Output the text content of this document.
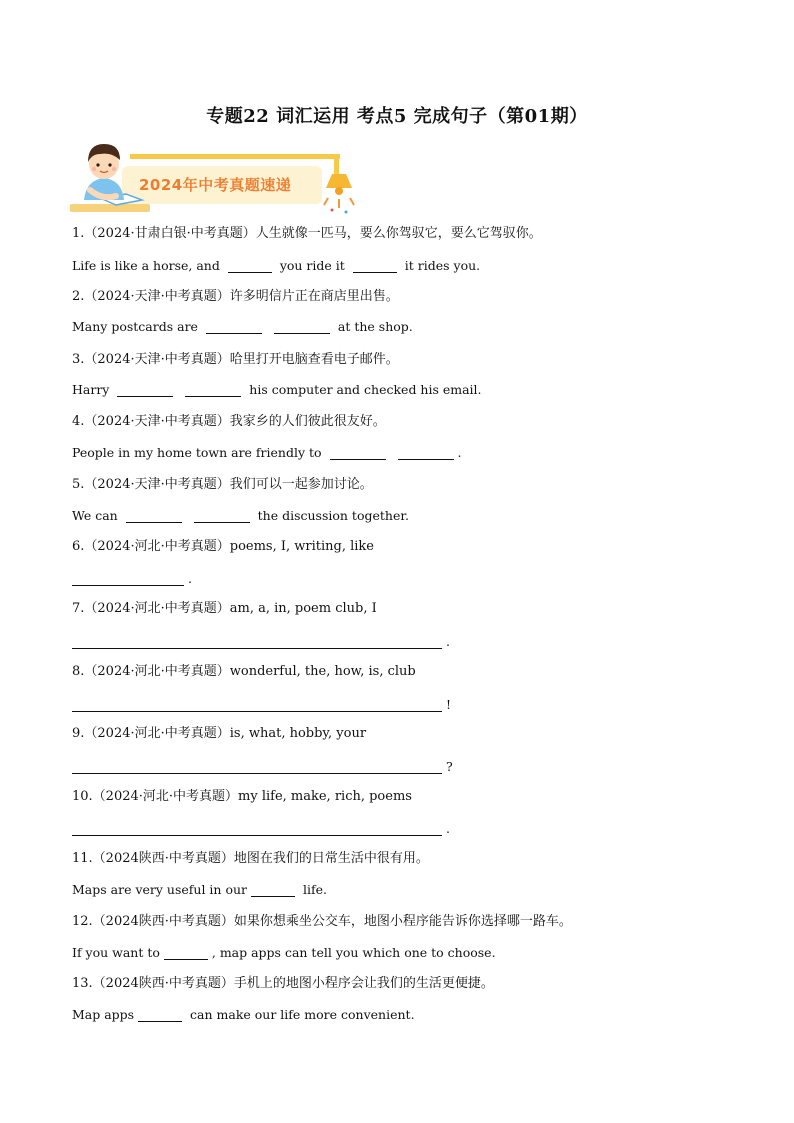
专题22 词汇运用 考点5 完成句子（第01期）
2024年中考真题速递
1.（2024·甘肃白银·中考真题）人生就像一匹马，要么你驾驭它，要么它驾驭你。
Life is like a horse, and	you ride it	it rides you.
2.（2024·天津·中考真题）许多明信片正在商店里出售。
Many postcards are	at the shop.
3.（2024·天津·中考真题）哈里打开电脑查看电子邮件。
Harry	his computer and checked his email.
4.（2024·天津·中考真题）我家乡的人们彼此很友好。
People in my home town are friendly to	.
5.（2024·天津·中考真题）我们可以一起参加讨论。
We can	the discussion together.
6.（2024·河北·中考真题）poems, I, writing, like
.
7.（2024·河北·中考真题）am, a, in, poem club, I
.
8.（2024·河北·中考真题）wonderful, the, how, is, club
!
9.（2024·河北·中考真题）is, what, hobby, your
?
10.（2024·河北·中考真题）my life, make, rich, poems
.
11.（2024陕西·中考真题）地图在我们的日常生活中很有用。
Maps are very useful in our	life.
12.（2024陕西·中考真题）如果你想乘坐公交车，地图小程序能告诉你选择哪一路车。
If you want to	, map apps can tell you which one to choose.
13.（2024陕西·中考真题）手机上的地图小程序会让我们的生活更便捷。
Map apps	can make our life more convenient.
